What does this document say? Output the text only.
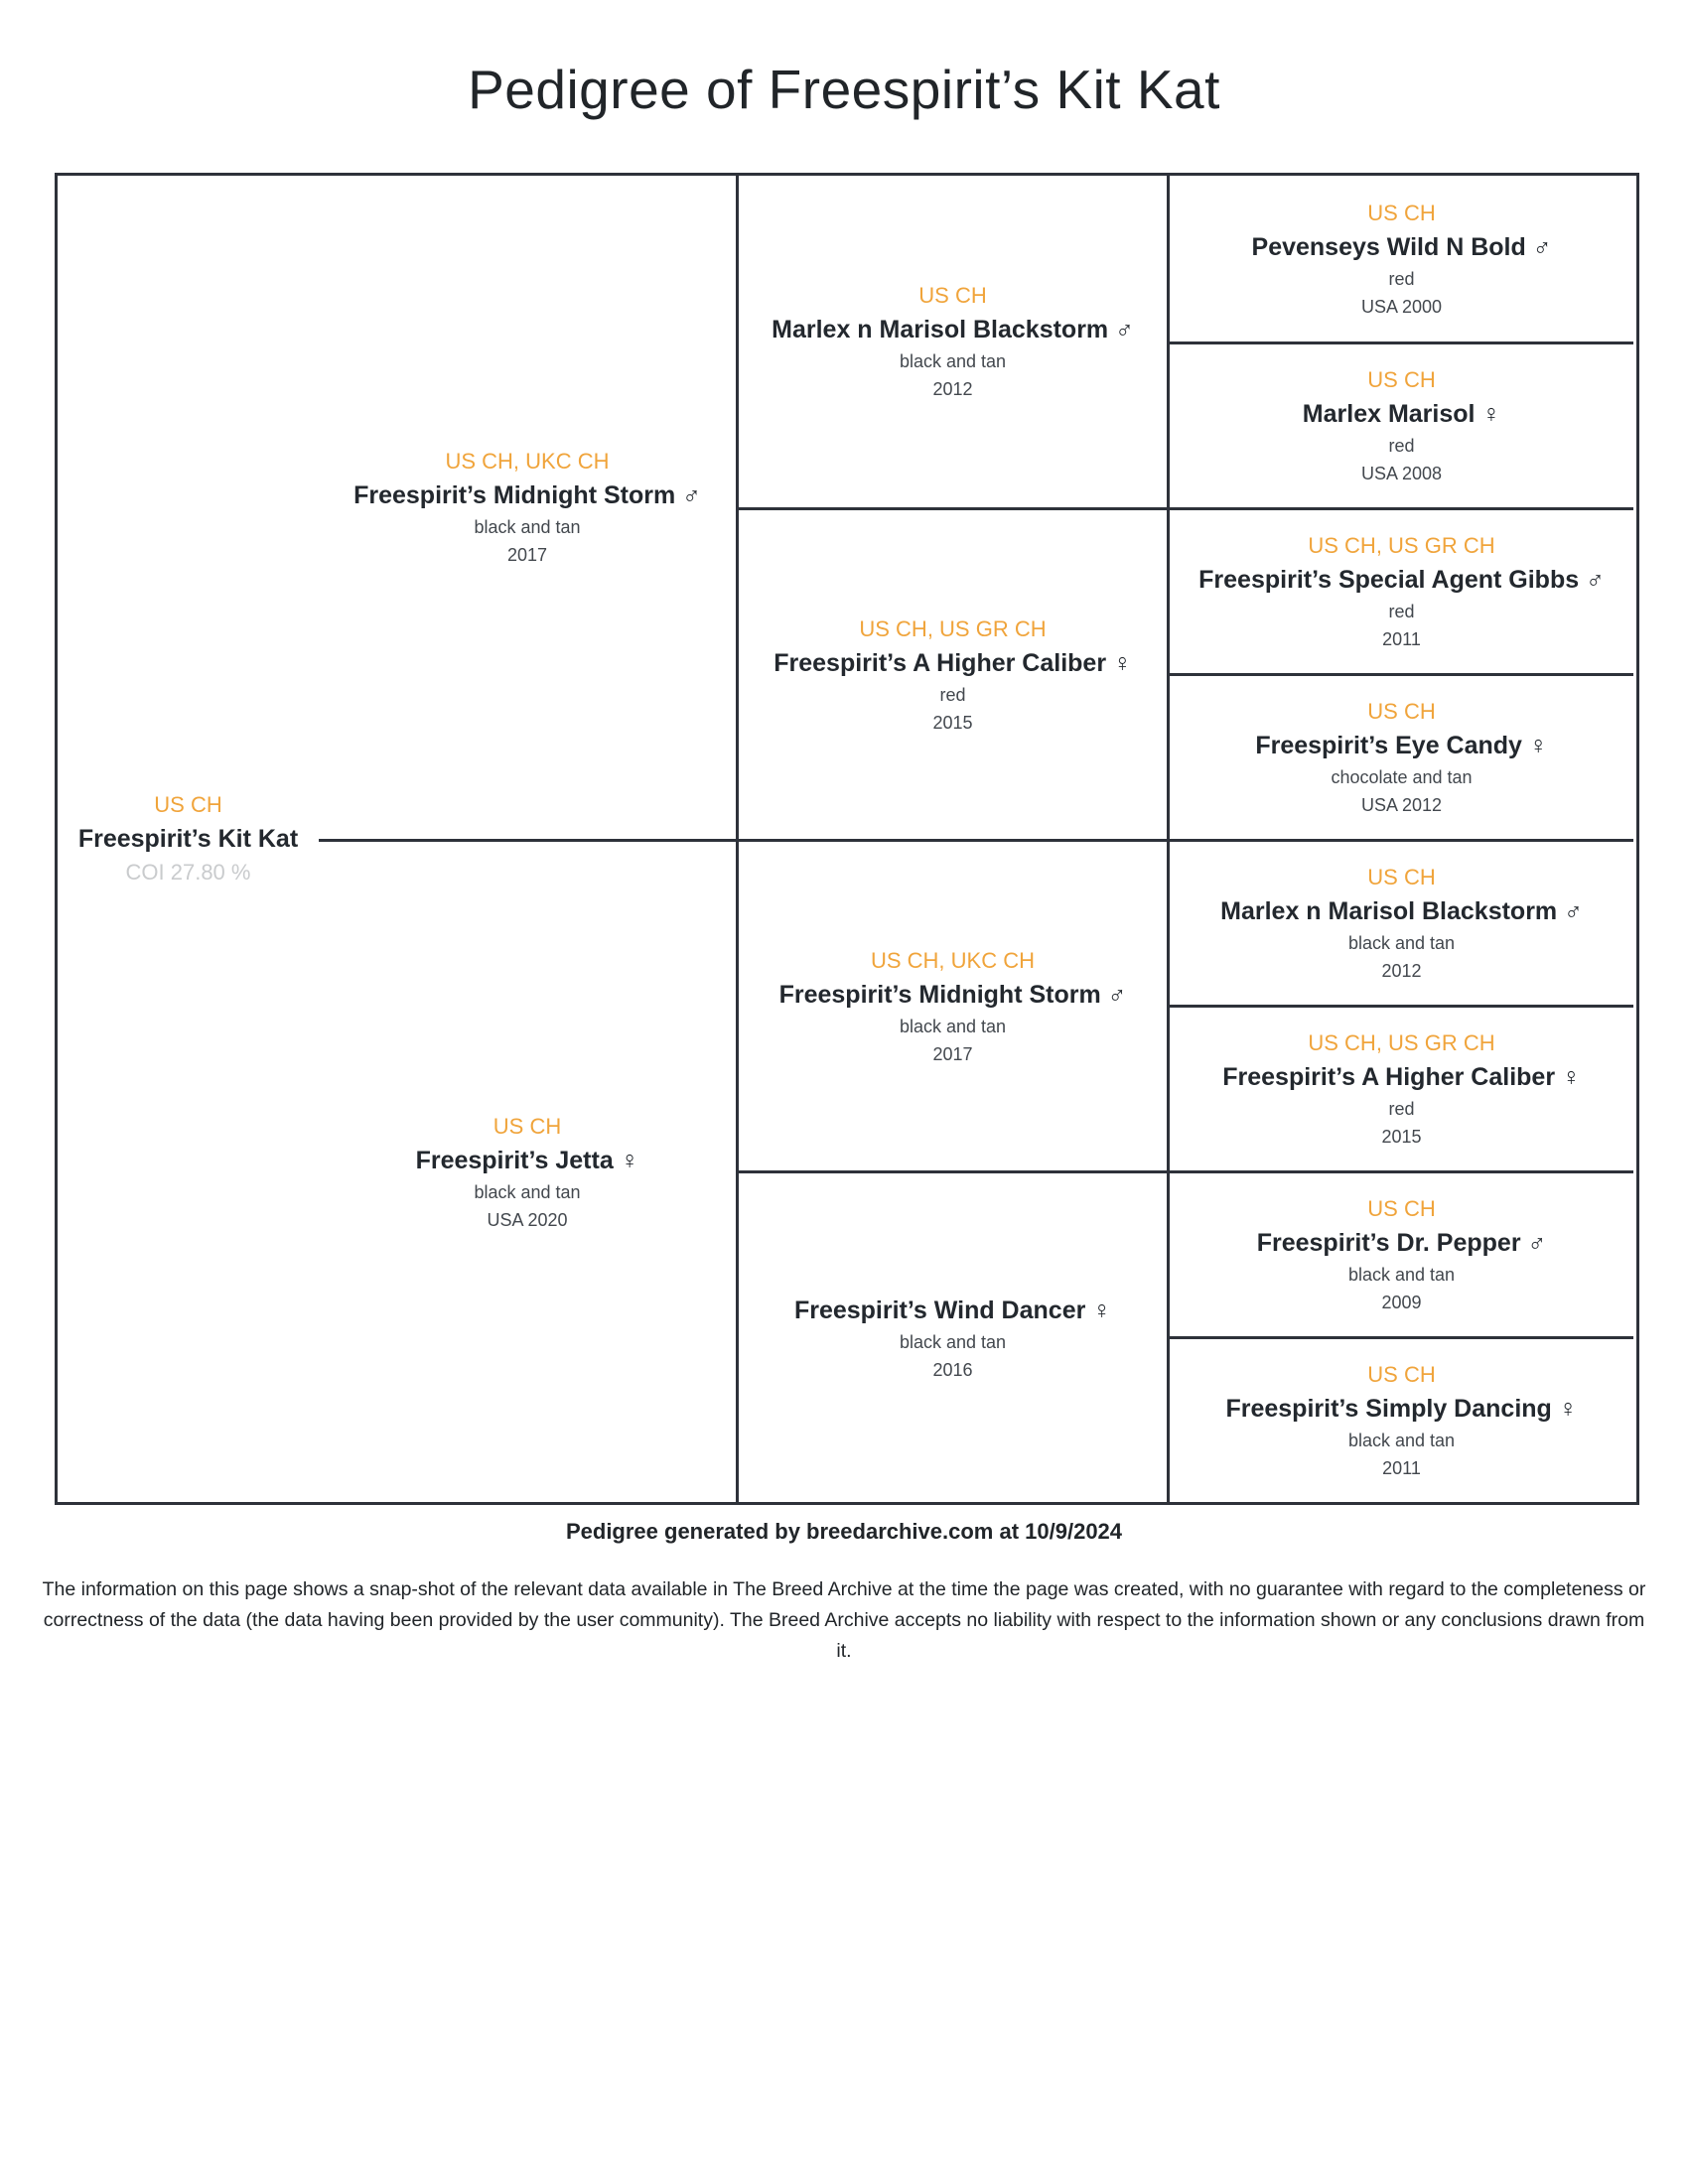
Pedigree of Freespirit’s Kit Kat
US CH
Freespirit’s Kit Kat
COI 27.80 %
US CH, UKC CH
Freespirit’s Midnight Storm ♂
black and tan
2017
US CH
Freespirit’s Jetta ♀
black and tan
USA 2020
US CH
Marlex n Marisol Blackstorm ♂
black and tan
2012
US CH, US GR CH
Freespirit’s A Higher Caliber ♀
red
2015
US CH, UKC CH
Freespirit’s Midnight Storm ♂
black and tan
2017
Freespirit’s Wind Dancer ♀
black and tan
2016
US CH
Pevenseys Wild N Bold ♂
red
USA 2000
US CH
Marlex Marisol ♀
red
USA 2008
US CH, US GR CH
Freespirit’s Special Agent Gibbs ♂
red
2011
US CH
Freespirit’s Eye Candy ♀
chocolate and tan
USA 2012
US CH
Marlex n Marisol Blackstorm ♂
black and tan
2012
US CH, US GR CH
Freespirit’s A Higher Caliber ♀
red
2015
US CH
Freespirit’s Dr. Pepper ♂
black and tan
2009
US CH
Freespirit’s Simply Dancing ♀
black and tan
2011
Pedigree generated by breedarchive.com at 10/9/2024

The information on this page shows a snap-shot of the relevant data available in The Breed Archive at the time the page was created, with no guarantee with regard to the completeness or correctness of the data (the data having been provided by the user community). The Breed Archive accepts no liability with respect to the information shown or any conclusions drawn from it.
